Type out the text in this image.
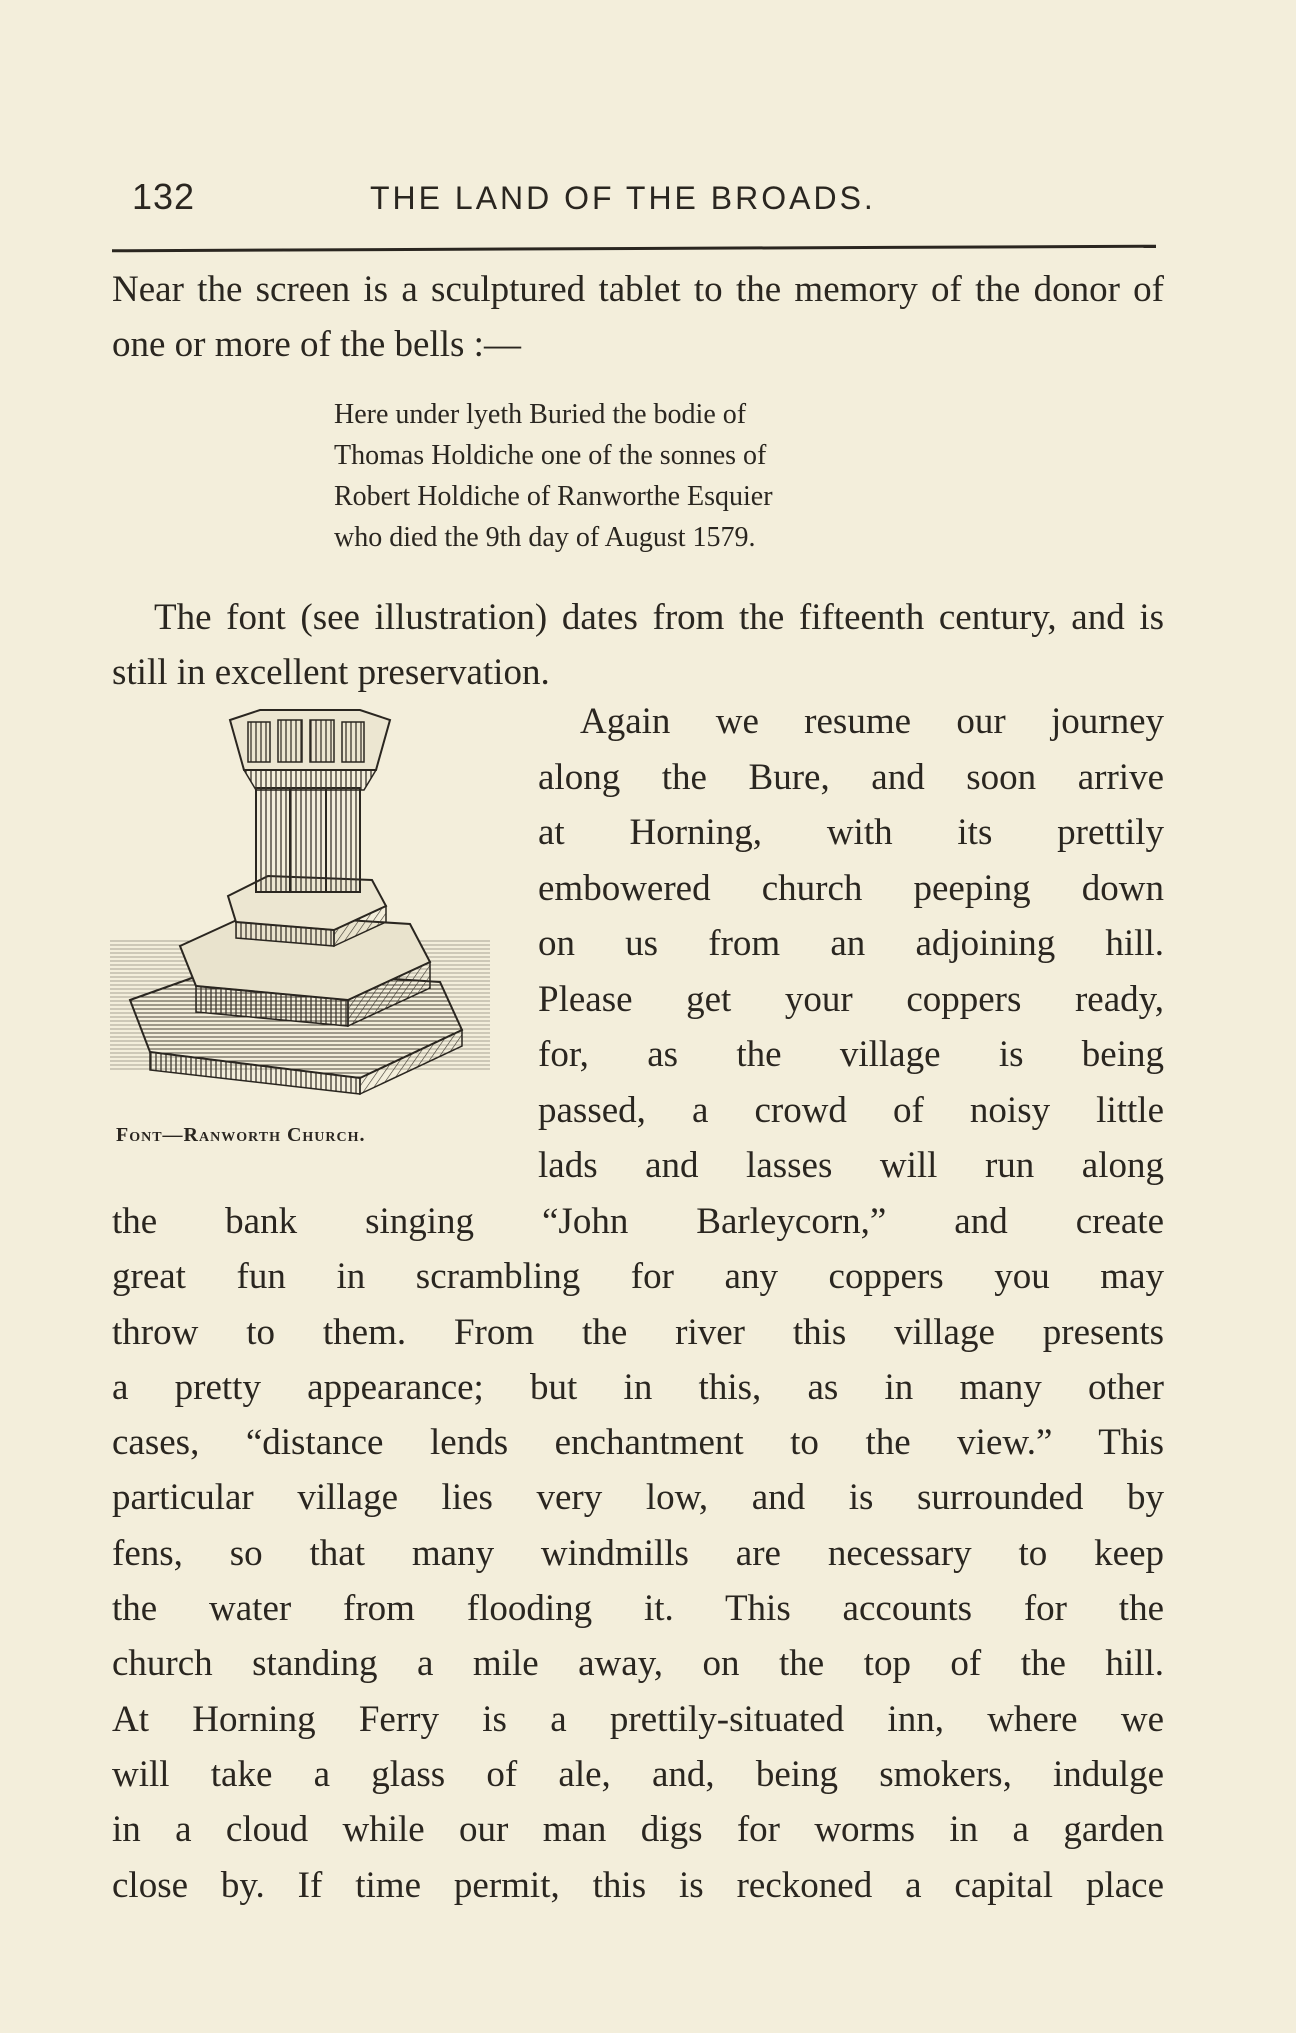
132	THE LAND OF THE BROADS.

Near the screen is a sculptured tablet to the memory of the donor of one or more of the bells :—

Here under lyeth Buried the bodie of
Thomas Holdiche one of the sonnes of
Robert Holdiche of Ranworthe Esquier
who died the 9th day of August 1579.

The font (see illustration) dates from the fifteenth century, and is still in excellent preservation.

Font—Ranworth Church.
Again we resume our journey
along the Bure, and soon arrive
at Horning, with its prettily
embowered church peeping down
on us from an adjoining hill.
Please get your coppers ready,
for, as the village is being
passed, a crowd of noisy little
lads and lasses will run along
the bank singing “John Barleycorn,” and create
great fun in scrambling for any coppers you may
throw to them. From the river this village presents
a pretty appearance; but in this, as in many other
cases, “distance lends enchantment to the view.” This
particular village lies very low, and is surrounded by
fens, so that many windmills are necessary to keep
the water from flooding it. This accounts for the
church standing a mile away, on the top of the hill.
At Horning Ferry is a prettily-situated inn, where we
will take a glass of ale, and, being smokers, indulge
in a cloud while our man digs for worms in a garden
close by. If time permit, this is reckoned a capital place
